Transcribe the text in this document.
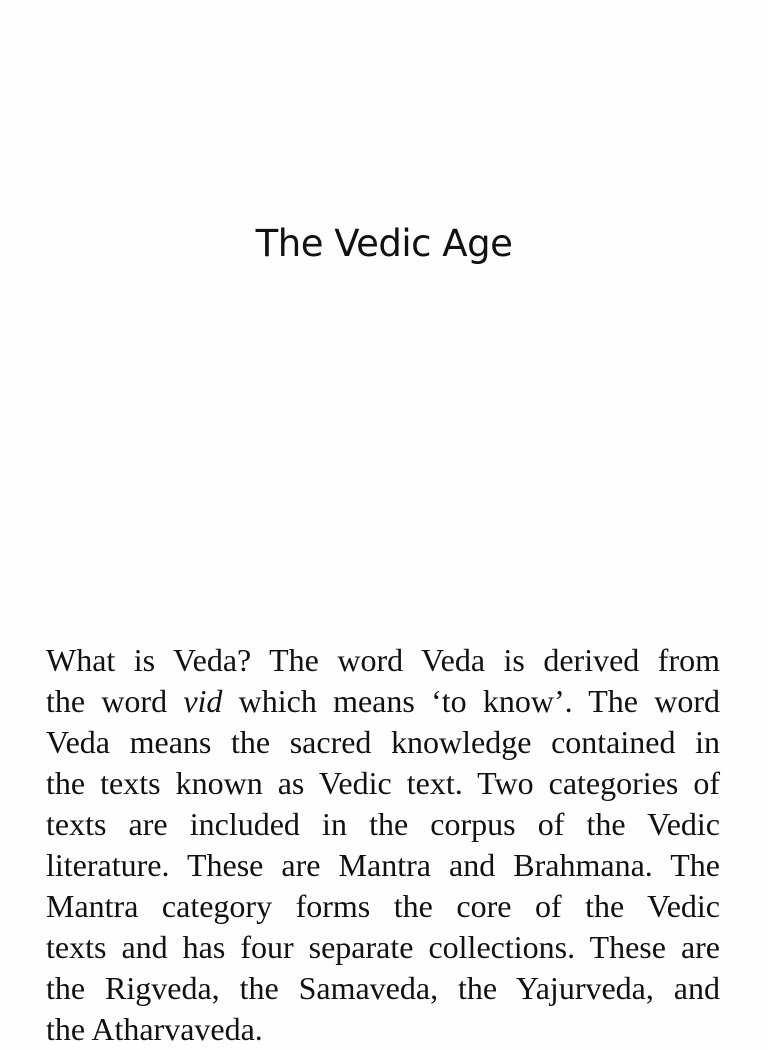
The Vedic Age
What is Veda? The word Veda is derived from
the word vid which means ‘to know’. The word
Veda means the sacred knowledge contained in
the texts known as Vedic text. Two categories of
texts are included in the corpus of the Vedic
literature. These are Mantra and Brahmana. The
Mantra category forms the core of the Vedic
texts and has four separate collections. These are
the Rigveda, the Samaveda, the Yajurveda, and
the Atharvaveda.
